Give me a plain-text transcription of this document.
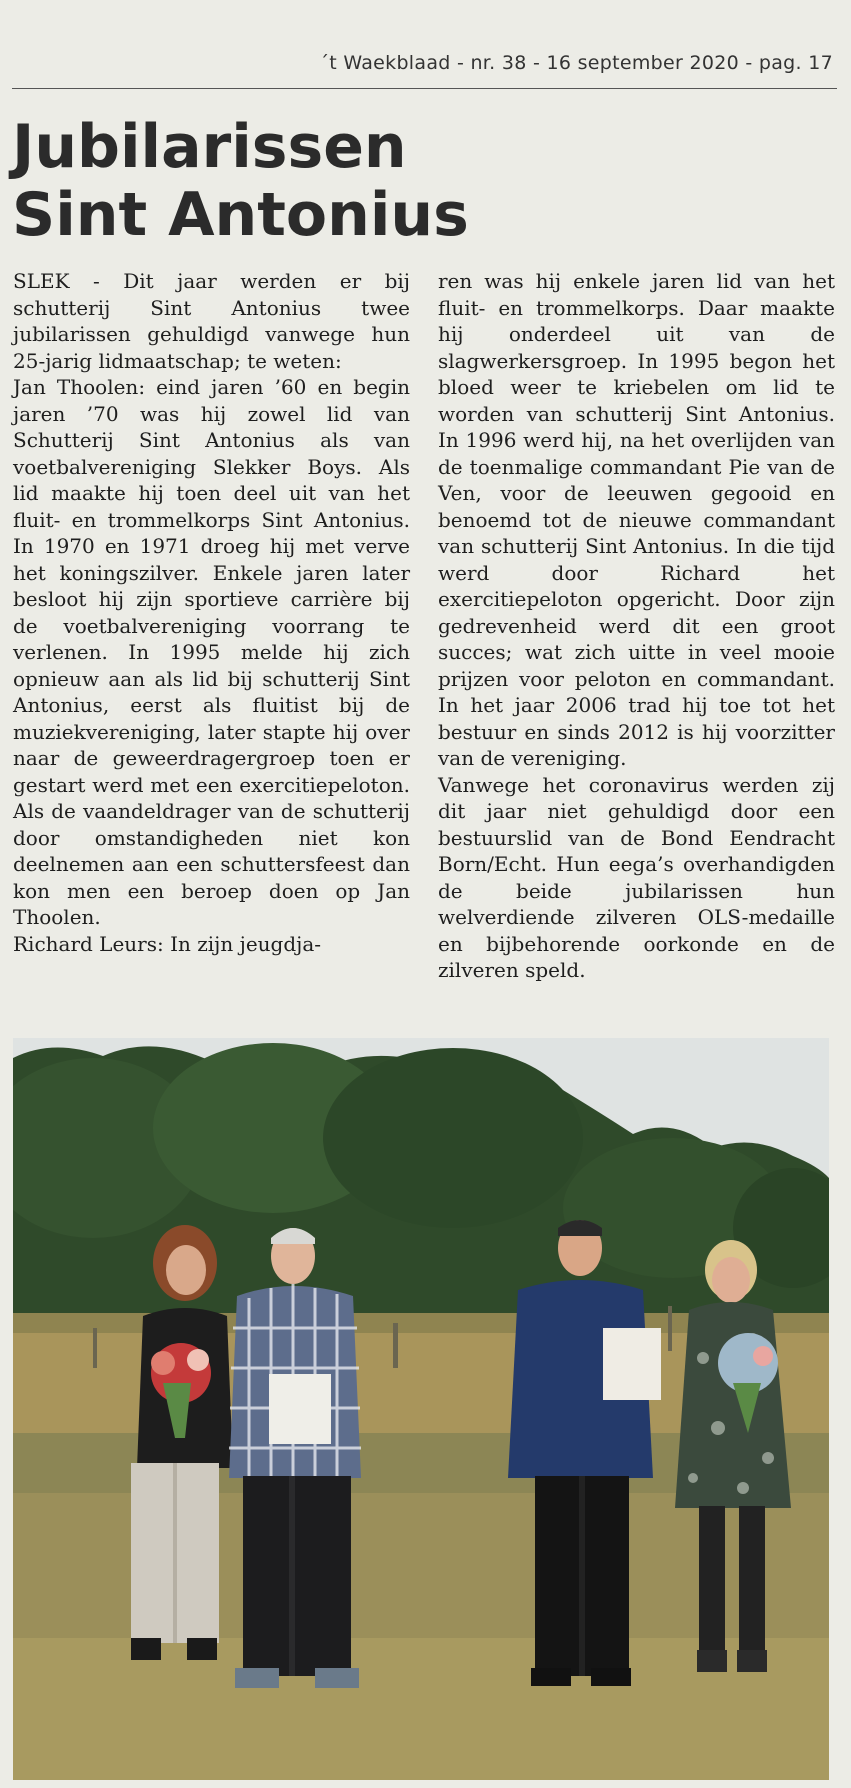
´t Waekblaad - nr. 38 - 16 september 2020 - pag. 17
Jubilarissen
Sint Antonius

SLEK - Dit jaar werden er bij schutterij Sint Antonius twee jubilarissen gehuldigd vanwege hun 25-jarig lidmaatschap; te weten:

Jan Thoolen: eind jaren ’60 en begin jaren ’70 was hij zowel lid van Schutterij Sint Antonius als van voetbalvereniging Slekker Boys. Als lid maakte hij toen deel uit van het fluit- en trommelkorps Sint Antonius. In 1970 en 1971 droeg hij met verve het koningszilver. Enkele jaren later besloot hij zijn sportieve carrière bij de voetbalvereniging voorrang te verlenen. In 1995 melde hij zich opnieuw aan als lid bij schutterij Sint Antonius, eerst als fluitist bij de muziekvereniging, later stapte hij over naar de geweerdragergroep toen er gestart werd met een exercitiepeloton. Als de vaandeldrager van de schutterij door omstandigheden niet kon deelnemen aan een schuttersfeest dan kon men een beroep doen op Jan Thoolen.

Richard Leurs: In zijn jeugdja-

ren was hij enkele jaren lid van het fluit- en trommelkorps. Daar maakte hij onderdeel uit van de slagwerkersgroep. In 1995 begon het bloed weer te kriebelen om lid te worden van schutterij Sint Antonius. In 1996 werd hij, na het overlijden van de toenmalige commandant Pie van de Ven, voor de leeuwen gegooid en benoemd tot de nieuwe commandant van schutterij Sint Antonius. In die tijd werd door Richard het exercitiepeloton opgericht. Door zijn gedrevenheid werd dit een groot succes; wat zich uitte in veel mooie prijzen voor peloton en commandant. In het jaar 2006 trad hij toe tot het bestuur en sinds 2012 is hij voorzitter van de vereniging.

Vanwege het coronavirus werden zij dit jaar niet gehuldigd door een bestuurslid van de Bond Eendracht Born/Echt. Hun eega’s overhandigden de beide jubilarissen hun welverdiende zilveren OLS-medaille en bijbehorende oorkonde en de zilveren speld.
